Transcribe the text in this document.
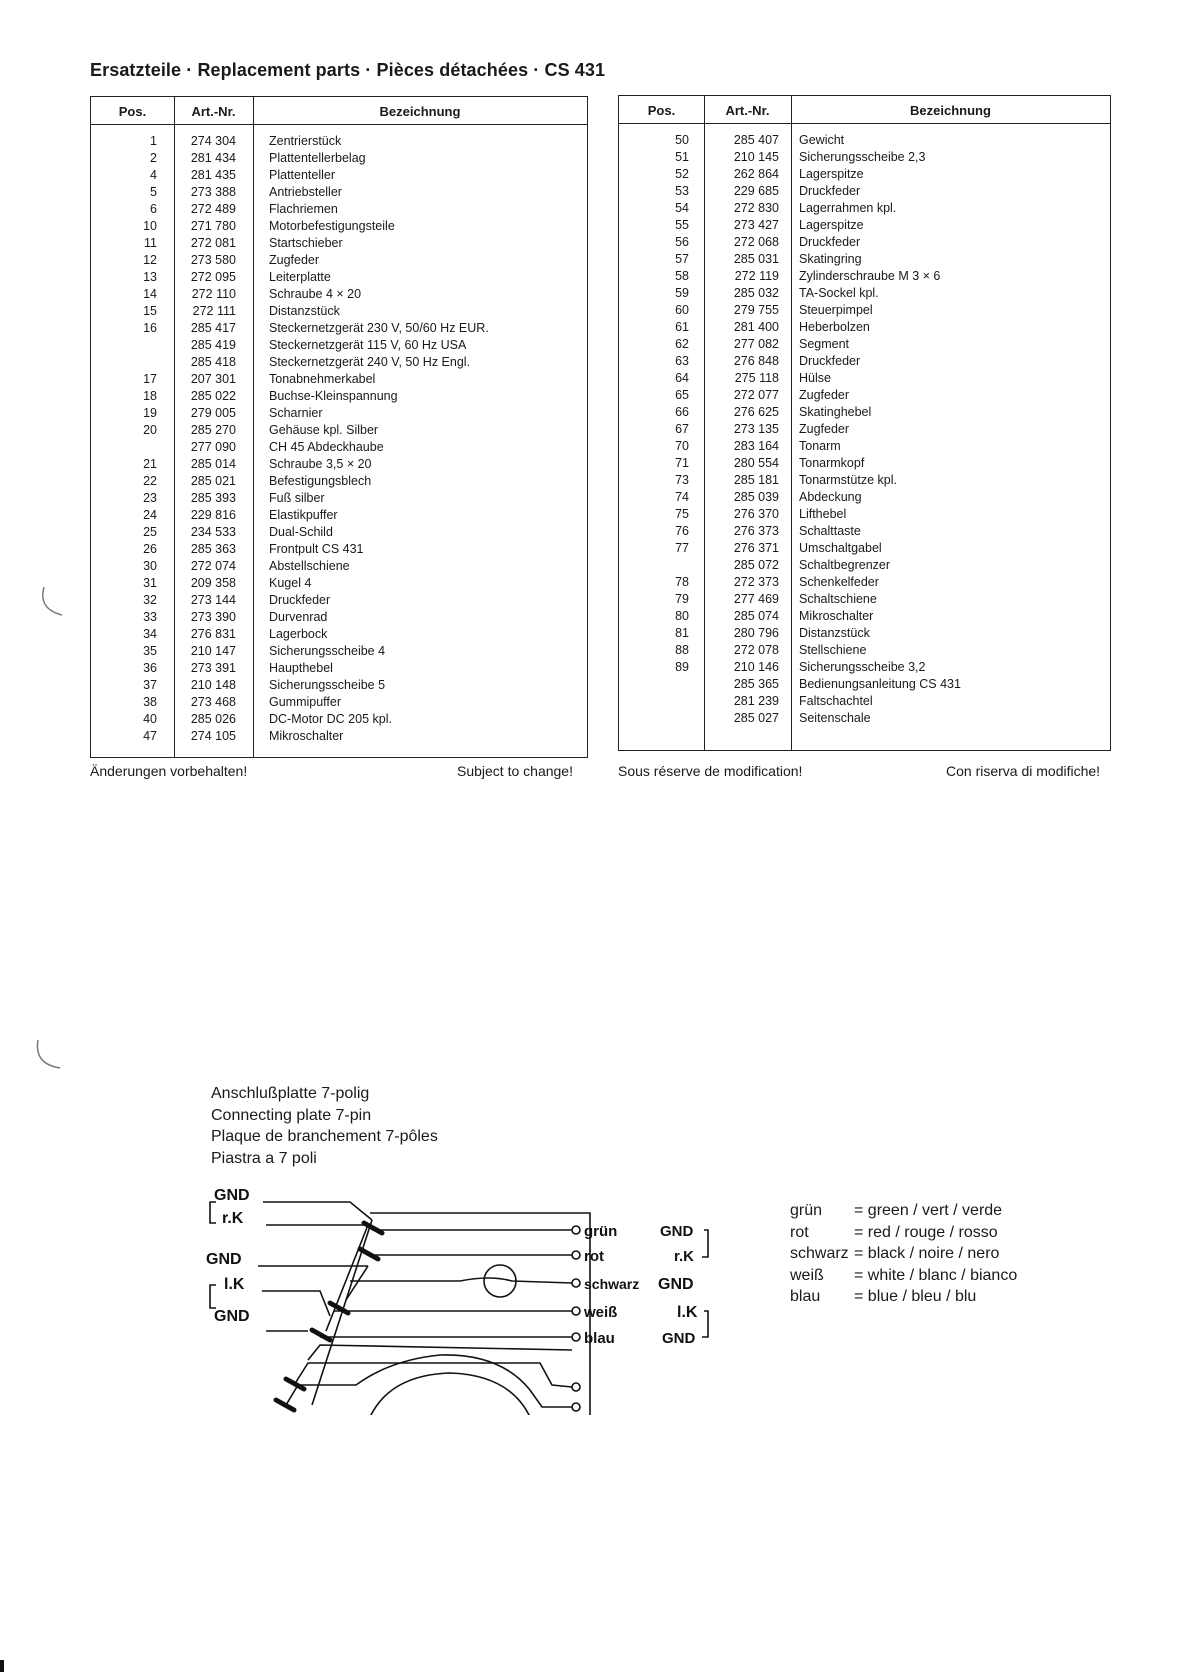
Ersatzteile · Replacement parts · Pièces détachées · CS 431
Pos.	Art.-Nr.	Bezeichnung
1	274 304	Zentrierstück
2	281 434	Plattentellerbelag
4	281 435	Plattenteller
5	273 388	Antriebsteller
6	272 489	Flachriemen
10	271 780	Motorbefestigungsteile
11	272 081	Startschieber
12	273 580	Zugfeder
13	272 095	Leiterplatte
14	272 110	Schraube 4 × 20
15	272 111	Distanzstück
16	285 417	Steckernetzgerät 230 V, 50/60 Hz EUR.
285 419	Steckernetzgerät 115 V, 60 Hz USA
285 418	Steckernetzgerät 240 V, 50 Hz Engl.
17	207 301	Tonabnehmerkabel
18	285 022	Buchse-Kleinspannung
19	279 005	Scharnier
20	285 270	Gehäuse kpl. Silber
277 090	CH 45 Abdeckhaube
21	285 014	Schraube 3,5 × 20
22	285 021	Befestigungsblech
23	285 393	Fuß silber
24	229 816	Elastikpuffer
25	234 533	Dual-Schild
26	285 363	Frontpult CS 431
30	272 074	Abstellschiene
31	209 358	Kugel 4
32	273 144	Druckfeder
33	273 390	Durvenrad
34	276 831	Lagerbock
35	210 147	Sicherungsscheibe 4
36	273 391	Haupthebel
37	210 148	Sicherungsscheibe 5
38	273 468	Gummipuffer
40	285 026	DC-Motor DC 205 kpl.
47	274 105	Mikroschalter
Pos.	Art.-Nr.	Bezeichnung
50	285 407 Gewicht
51	210 145 Sicherungsscheibe 2,3
52	262 864 Lagerspitze
53	229 685 Druckfeder
54	272 830 Lagerrahmen kpl.
55	273 427 Lagerspitze
56	272 068 Druckfeder
57	285 031 Skatingring
58	272 119 Zylinderschraube M 3 × 6
59	285 032 TA-Sockel kpl.
60	279 755 Steuerpimpel
61	281 400 Heberbolzen
62	277 082 Segment
63	276 848 Druckfeder
64	275 118 Hülse
65	272 077 Zugfeder
66	276 625 Skatinghebel
67	273 135 Zugfeder
70	283 164 Tonarm
71	280 554 Tonarmkopf
73	285 181 Tonarmstütze kpl.
74	285 039 Abdeckung
75	276 370 Lifthebel
76	276 373 Schalttaste
77	276 371 Umschaltgabel
285 072 Schaltbegrenzer
78	272 373 Schenkelfeder
79	277 469 Schaltschiene
80	285 074 Mikroschalter
81	280 796 Distanzstück
88	272 078 Stellschiene
89	210 146 Sicherungsscheibe 3,2
285 365 Bedienungsanleitung CS 431
281 239 Faltschachtel
285 027 Seitenschale
Änderungen vorbehalten!	Subject to change!	Sous réserve de modification!	Con riserva di modifiche!
Anschlußplatte 7-polig
Connecting plate 7-pin
Plaque de branchement 7-pôles
Piastra a 7 poli
GND
r.K
GND
l.K
GND
grün
rot
schwarz
weiß
blau
GND
r.K
GND
l.K
GND
grün = green / vert / verde
rot	= red / rouge / rosso
schwarz = black / noire / nero
weiß = white / blanc / bianco
blau = blue / bleu / blu
